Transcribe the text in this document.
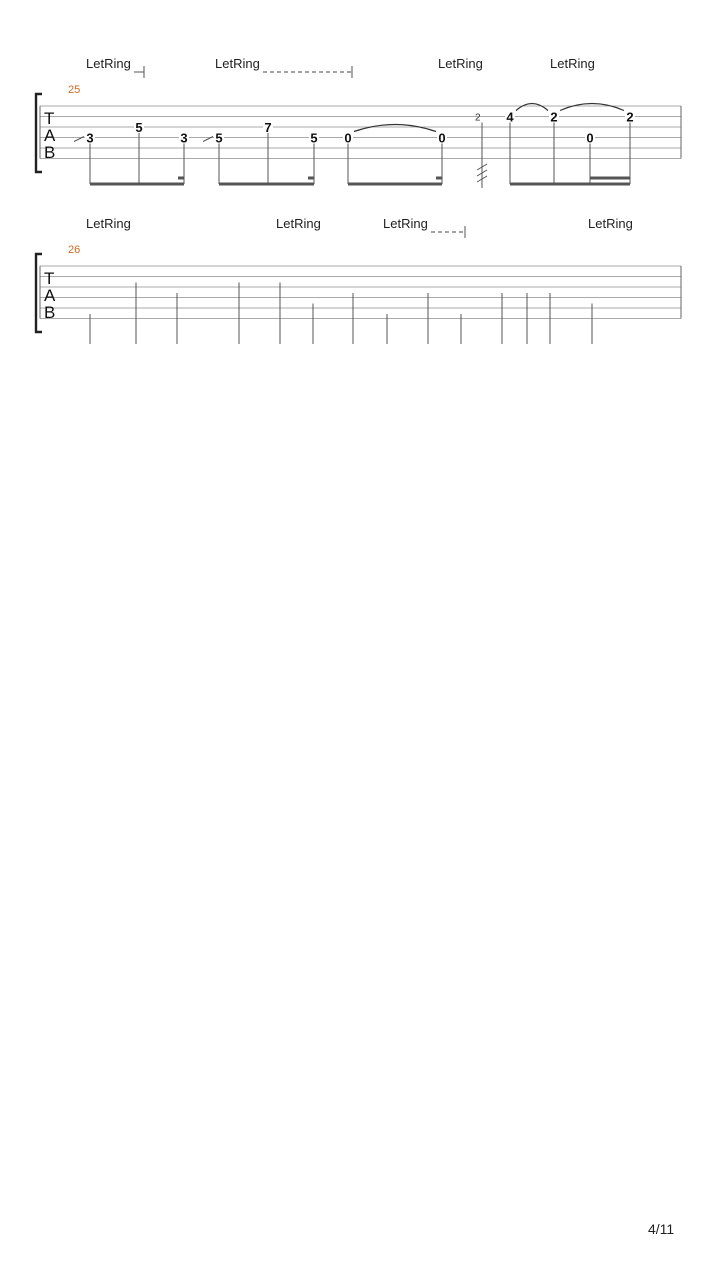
4/11
LetRing	LetRing	LetRing	LetRing
25
T
A
B
2
3
5
3 5
7
5 0	0
4	2
0
2
LetRing	LetRing	LetRing	LetRing
26
T
A
B
